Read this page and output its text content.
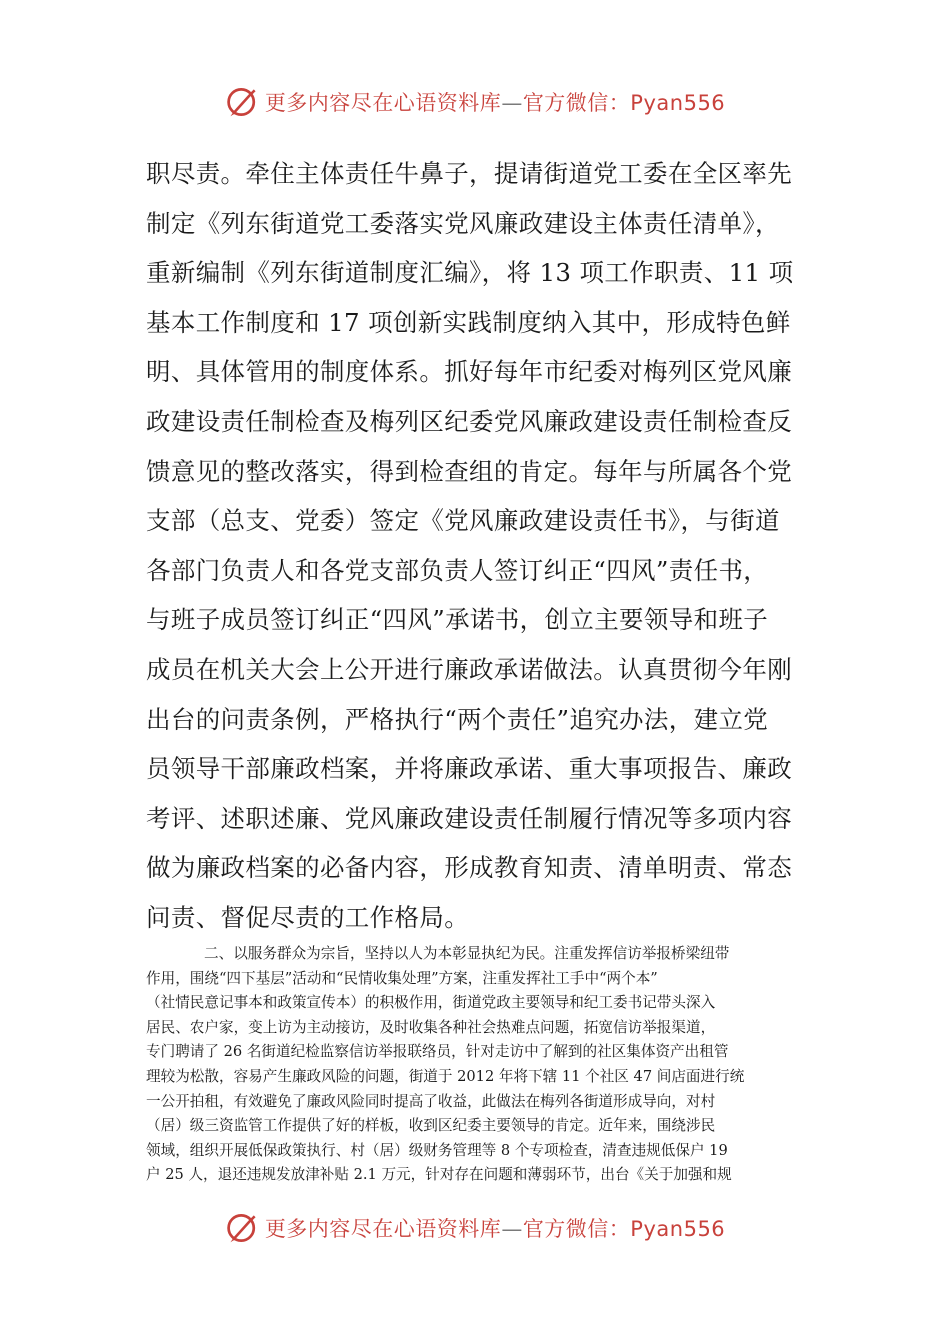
更多内容尽在心语资料库—官方微信：Pyan556
职尽责。牵住主体责任牛鼻子，提请街道党工委在全区率先
制定《列东街道党工委落实党风廉政建设主体责任清单》，
重新编制《列东街道制度汇编》，将 13 项工作职责、11 项
基本工作制度和 17 项创新实践制度纳入其中，形成特色鲜
明、具体管用的制度体系。抓好每年市纪委对梅列区党风廉
政建设责任制检查及梅列区纪委党风廉政建设责任制检查反
馈意见的整改落实，得到检查组的肯定。每年与所属各个党
支部（总支、党委）签定《党风廉政建设责任书》，与街道
各部门负责人和各党支部负责人签订纠正“四风”责任书，
与班子成员签订纠正“四风”承诺书，创立主要领导和班子
成员在机关大会上公开进行廉政承诺做法。认真贯彻今年刚
出台的问责条例，严格执行“两个责任”追究办法，建立党
员领导干部廉政档案，并将廉政承诺、重大事项报告、廉政
考评、述职述廉、党风廉政建设责任制履行情况等多项内容
做为廉政档案的必备内容，形成教育知责、清单明责、常态
问责、督促尽责的工作格局。
二、以服务群众为宗旨，坚持以人为本彰显执纪为民。注重发挥信访举报桥梁纽带
作用，围绕“四下基层”活动和“民情收集处理”方案，注重发挥社工手中“两个本”
（社情民意记事本和政策宣传本）的积极作用，街道党政主要领导和纪工委书记带头深入
居民、农户家，变上访为主动接访，及时收集各种社会热难点问题，拓宽信访举报渠道，
专门聘请了 26 名街道纪检监察信访举报联络员，针对走访中了解到的社区集体资产出租管
理较为松散，容易产生廉政风险的问题，街道于 2012 年将下辖 11 个社区 47 间店面进行统
一公开拍租，有效避免了廉政风险同时提高了收益，此做法在梅列各街道形成导向，对村
（居）级三资监管工作提供了好的样板，收到区纪委主要领导的肯定。近年来，围绕涉民
领域，组织开展低保政策执行、村（居）级财务管理等 8 个专项检查，清查违规低保户 19
户 25 人，退还违规发放津补贴 2.1 万元，针对存在问题和薄弱环节，出台《关于加强和规
更多内容尽在心语资料库—官方微信：Pyan556
